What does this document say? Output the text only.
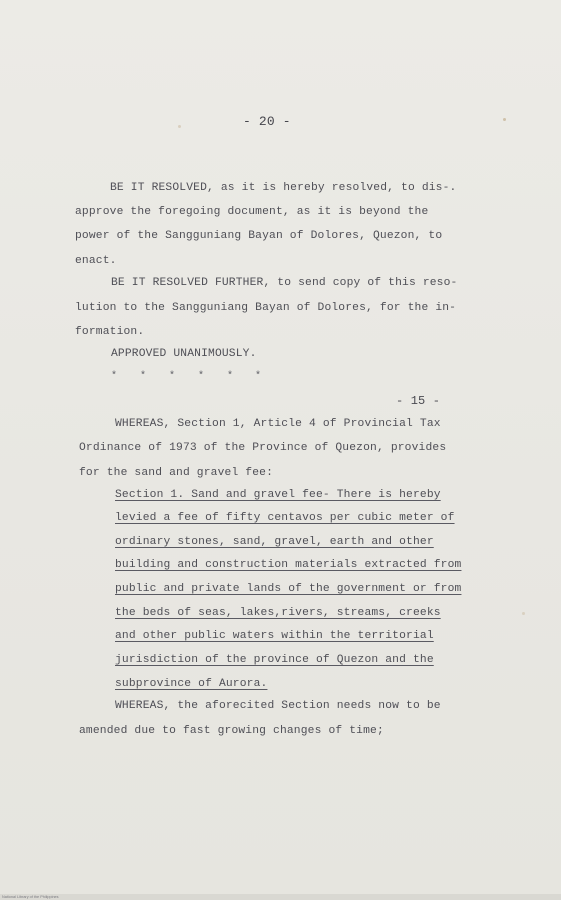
- 20 -
BE IT RESOLVED, as it is hereby resolved, to dis-.
approve the foregoing document, as it is beyond the
power of the Sangguniang Bayan of Dolores, Quezon, to
enact.
BE IT RESOLVED FURTHER, to send copy of this reso-
lution to the Sangguniang Bayan of Dolores, for the in-
formation.
APPROVED UNANIMOUSLY.
* * * * * *
- 15 -
WHEREAS, Section 1, Article 4 of Provincial Tax
Ordinance of 1973 of the Province of Quezon, provides
for the sand and gravel fee:
Section 1. Sand and gravel fee- There is hereby
levied a fee of fifty centavos per cubic meter of
ordinary stones, sand, gravel, earth and other
building and construction materials extracted from
public and private lands of the government or from
the beds of seas, lakes,rivers, streams, creeks
and other public waters within the territorial
jurisdiction of the province of Quezon and the
subprovince of Aurora.
WHEREAS, the aforecited Section needs now to be
amended due to fast growing changes of time;
National Library of the Philippines
